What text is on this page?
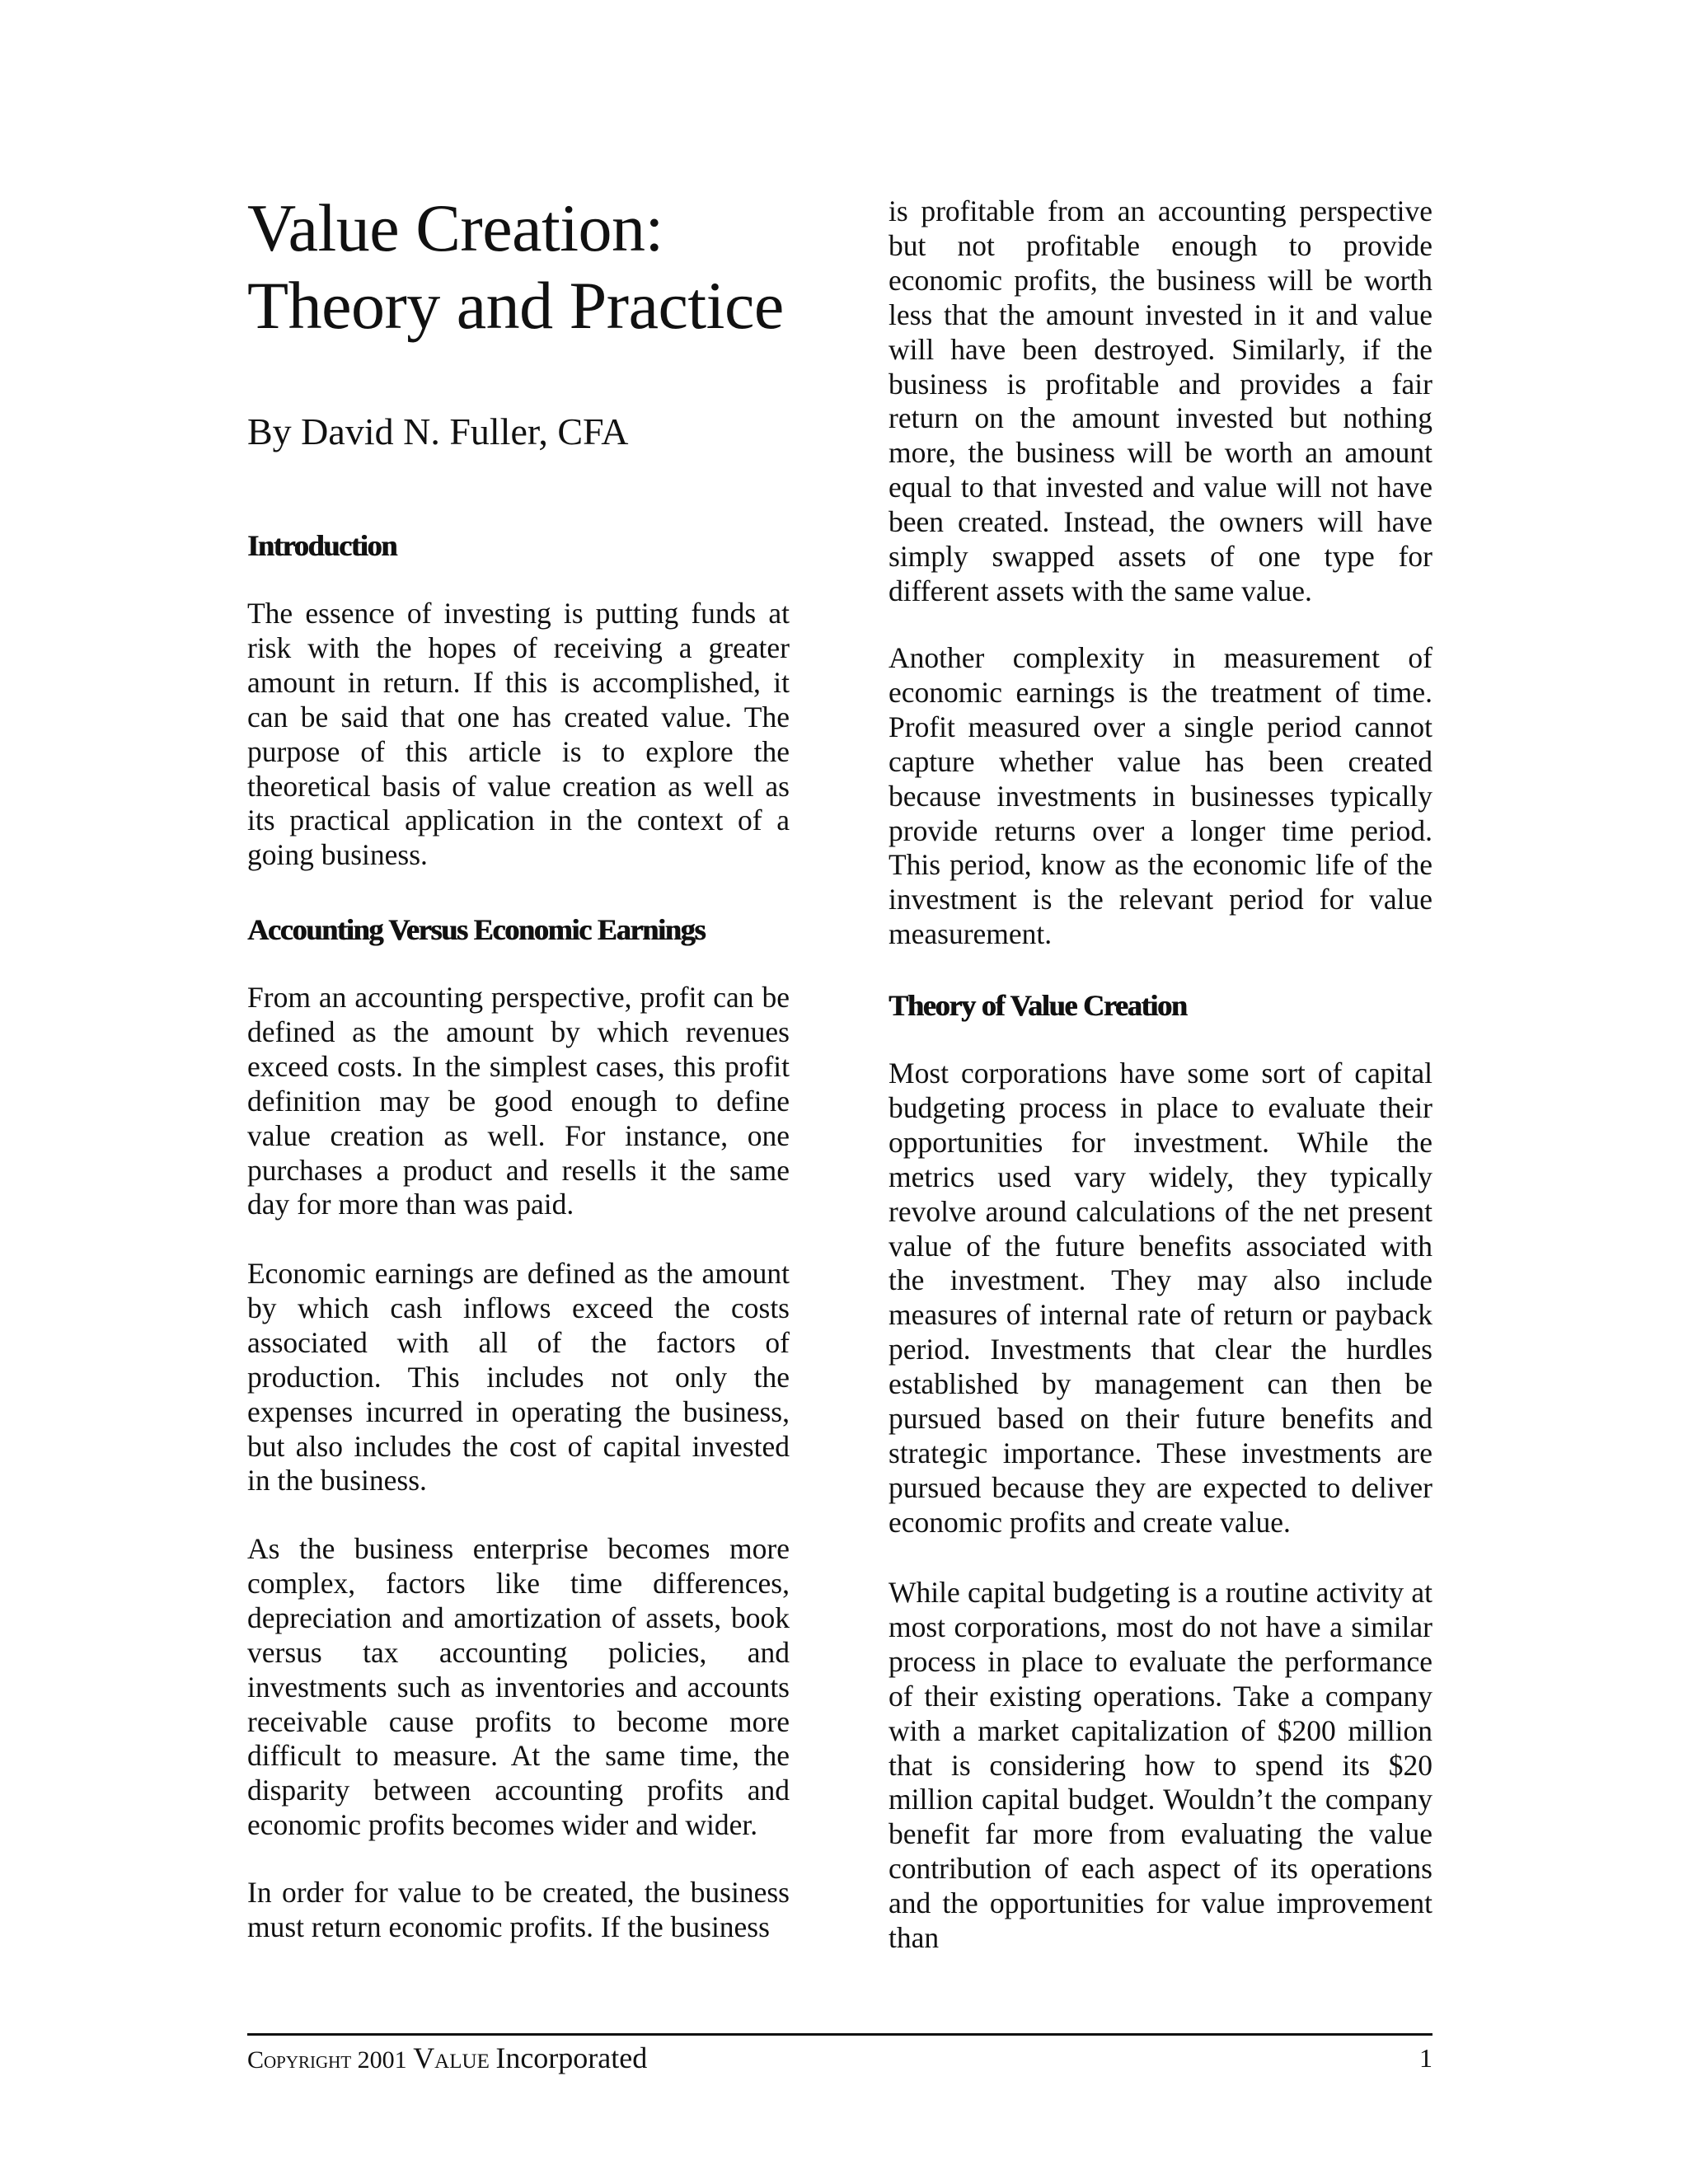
Value Creation:
Theory and Practice

By David N. Fuller, CFA

Introduction

The essence of investing is putting funds at risk with the hopes of receiving a greater amount in return. If this is accomplished, it can be said that one has created value. The purpose of this article is to explore the theoretical basis of value creation as well as its practical application in the context of a going business.

Accounting Versus Economic Earnings

From an accounting perspective, profit can be defined as the amount by which revenues exceed costs. In the simplest cases, this profit definition may be good enough to define value creation as well. For instance, one purchases a product and resells it the same day for more than was paid.

Economic earnings are defined as the amount by which cash inflows exceed the costs associated with all of the factors of production. This includes not only the expenses incurred in operating the business, but also includes the cost of capital invested in the business.

As the business enterprise becomes more complex, factors like time differences, depreciation and amortization of assets, book versus tax accounting policies, and investments such as inventories and accounts receivable cause profits to become more difficult to measure. At the same time, the disparity between accounting profits and economic profits becomes wider and wider.

In order for value to be created, the business must return economic profits. If the business

is profitable from an accounting perspective but not profitable enough to provide economic profits, the business will be worth less that the amount invested in it and value will have been destroyed. Similarly, if the business is profitable and provides a fair return on the amount invested but nothing more, the business will be worth an amount equal to that invested and value will not have been created. Instead, the owners will have simply swapped assets of one type for different assets with the same value.

Another complexity in measurement of economic earnings is the treatment of time. Profit measured over a single period cannot capture whether value has been created because investments in businesses typically provide returns over a longer time period. This period, know as the economic life of the investment is the relevant period for value measurement.

Theory of Value Creation

Most corporations have some sort of capital budgeting process in place to evaluate their opportunities for investment. While the metrics used vary widely, they typically revolve around calculations of the net present value of the future benefits associated with the investment. They may also include measures of internal rate of return or payback period. Investments that clear the hurdles established by management can then be pursued based on their future benefits and strategic importance. These investments are pursued because they are expected to deliver economic profits and create value.

While capital budgeting is a routine activity at most corporations, most do not have a similar process in place to evaluate the performance of their existing operations. Take a company with a market capitalization of $200 million that is considering how to spend its $20 million capital budget. Wouldn’t the company benefit far more from evaluating the value contribution of each aspect of its operations and the opportunities for value improvement than

Copyright 2001 Value Incorporated	1
